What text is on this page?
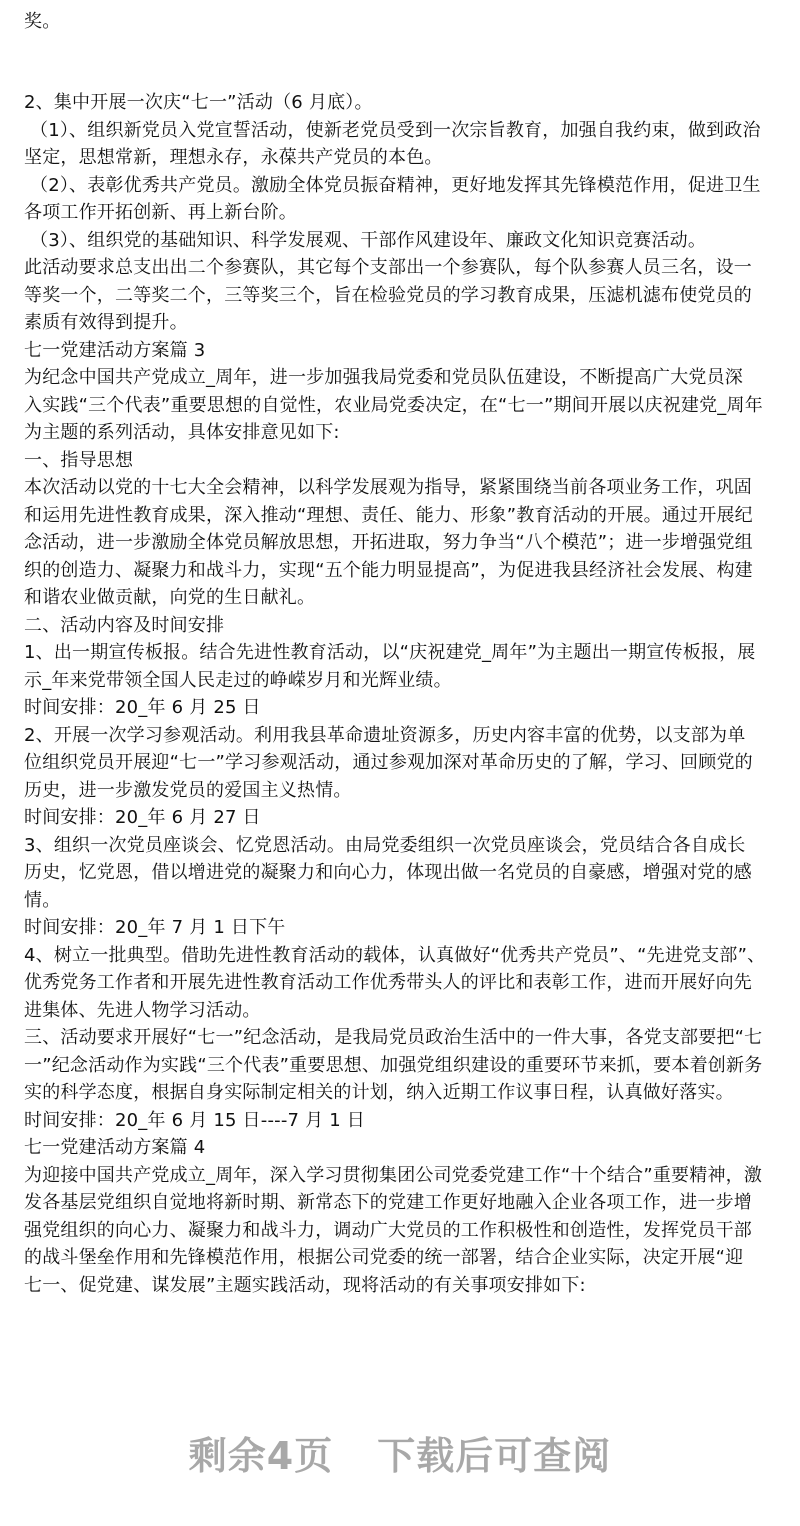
奖。
2、集中开展一次庆“七一”活动（6 月底）。
（1）、组织新党员入党宣誓活动，使新老党员受到一次宗旨教育，加强自我约束，做到政治
坚定，思想常新，理想永存，永葆共产党员的本色。
（2）、表彰优秀共产党员。激励全体党员振奋精神，更好地发挥其先锋模范作用，促进卫生
各项工作开拓创新、再上新台阶。
（3）、组织党的基础知识、科学发展观、干部作风建设年、廉政文化知识竞赛活动。
此活动要求总支出出二个参赛队，其它每个支部出一个参赛队，每个队参赛人员三名，设一
等奖一个，二等奖二个，三等奖三个，旨在检验党员的学习教育成果，压滤机滤布使党员的
素质有效得到提升。
七一党建活动方案篇 3
为纪念中国共产党成立_周年，进一步加强我局党委和党员队伍建设，不断提高广大党员深
入实践“三个代表”重要思想的自觉性，农业局党委决定，在“七一”期间开展以庆祝建党_周年
为主题的系列活动，具体安排意见如下:
一、指导思想
本次活动以党的十七大全会精神，以科学发展观为指导，紧紧围绕当前各项业务工作，巩固
和运用先进性教育成果，深入推动“理想、责任、能力、形象”教育活动的开展。通过开展纪
念活动，进一步激励全体党员解放思想，开拓进取，努力争当“八个模范”；进一步增强党组
织的创造力、凝聚力和战斗力，实现“五个能力明显提高”，为促进我县经济社会发展、构建
和谐农业做贡献，向党的生日献礼。
二、活动内容及时间安排
1、出一期宣传板报。结合先进性教育活动，以“庆祝建党_周年”为主题出一期宣传板报，展
示_年来党带领全国人民走过的峥嵘岁月和光辉业绩。
时间安排：20_年 6 月 25 日
2、开展一次学习参观活动。利用我县革命遗址资源多，历史内容丰富的优势，以支部为单
位组织党员开展迎“七一”学习参观活动，通过参观加深对革命历史的了解，学习、回顾党的
历史，进一步激发党员的爱国主义热情。
时间安排：20_年 6 月 27 日
3、组织一次党员座谈会、忆党恩活动。由局党委组织一次党员座谈会，党员结合各自成长
历史，忆党恩，借以增进党的凝聚力和向心力，体现出做一名党员的自豪感，增强对党的感
情。
时间安排：20_年 7 月 1 日下午
4、树立一批典型。借助先进性教育活动的载体，认真做好“优秀共产党员”、“先进党支部”、
优秀党务工作者和开展先进性教育活动工作优秀带头人的评比和表彰工作，进而开展好向先
进集体、先进人物学习活动。
三、活动要求开展好“七一”纪念活动，是我局党员政治生活中的一件大事，各党支部要把“七
一”纪念活动作为实践“三个代表”重要思想、加强党组织建设的重要环节来抓，要本着创新务
实的科学态度，根据自身实际制定相关的计划，纳入近期工作议事日程，认真做好落实。
时间安排：20_年 6 月 15 日----7 月 1 日
七一党建活动方案篇 4
为迎接中国共产党成立_周年，深入学习贯彻集团公司党委党建工作“十个结合”重要精神，激
发各基层党组织自觉地将新时期、新常态下的党建工作更好地融入企业各项工作，进一步增
强党组织的向心力、凝聚力和战斗力，调动广大党员的工作积极性和创造性，发挥党员干部
的战斗堡垒作用和先锋模范作用，根据公司党委的统一部署，结合企业实际，决定开展“迎
七一、促党建、谋发展”主题实践活动，现将活动的有关事项安排如下:
剩余4页 下载后可查阅
